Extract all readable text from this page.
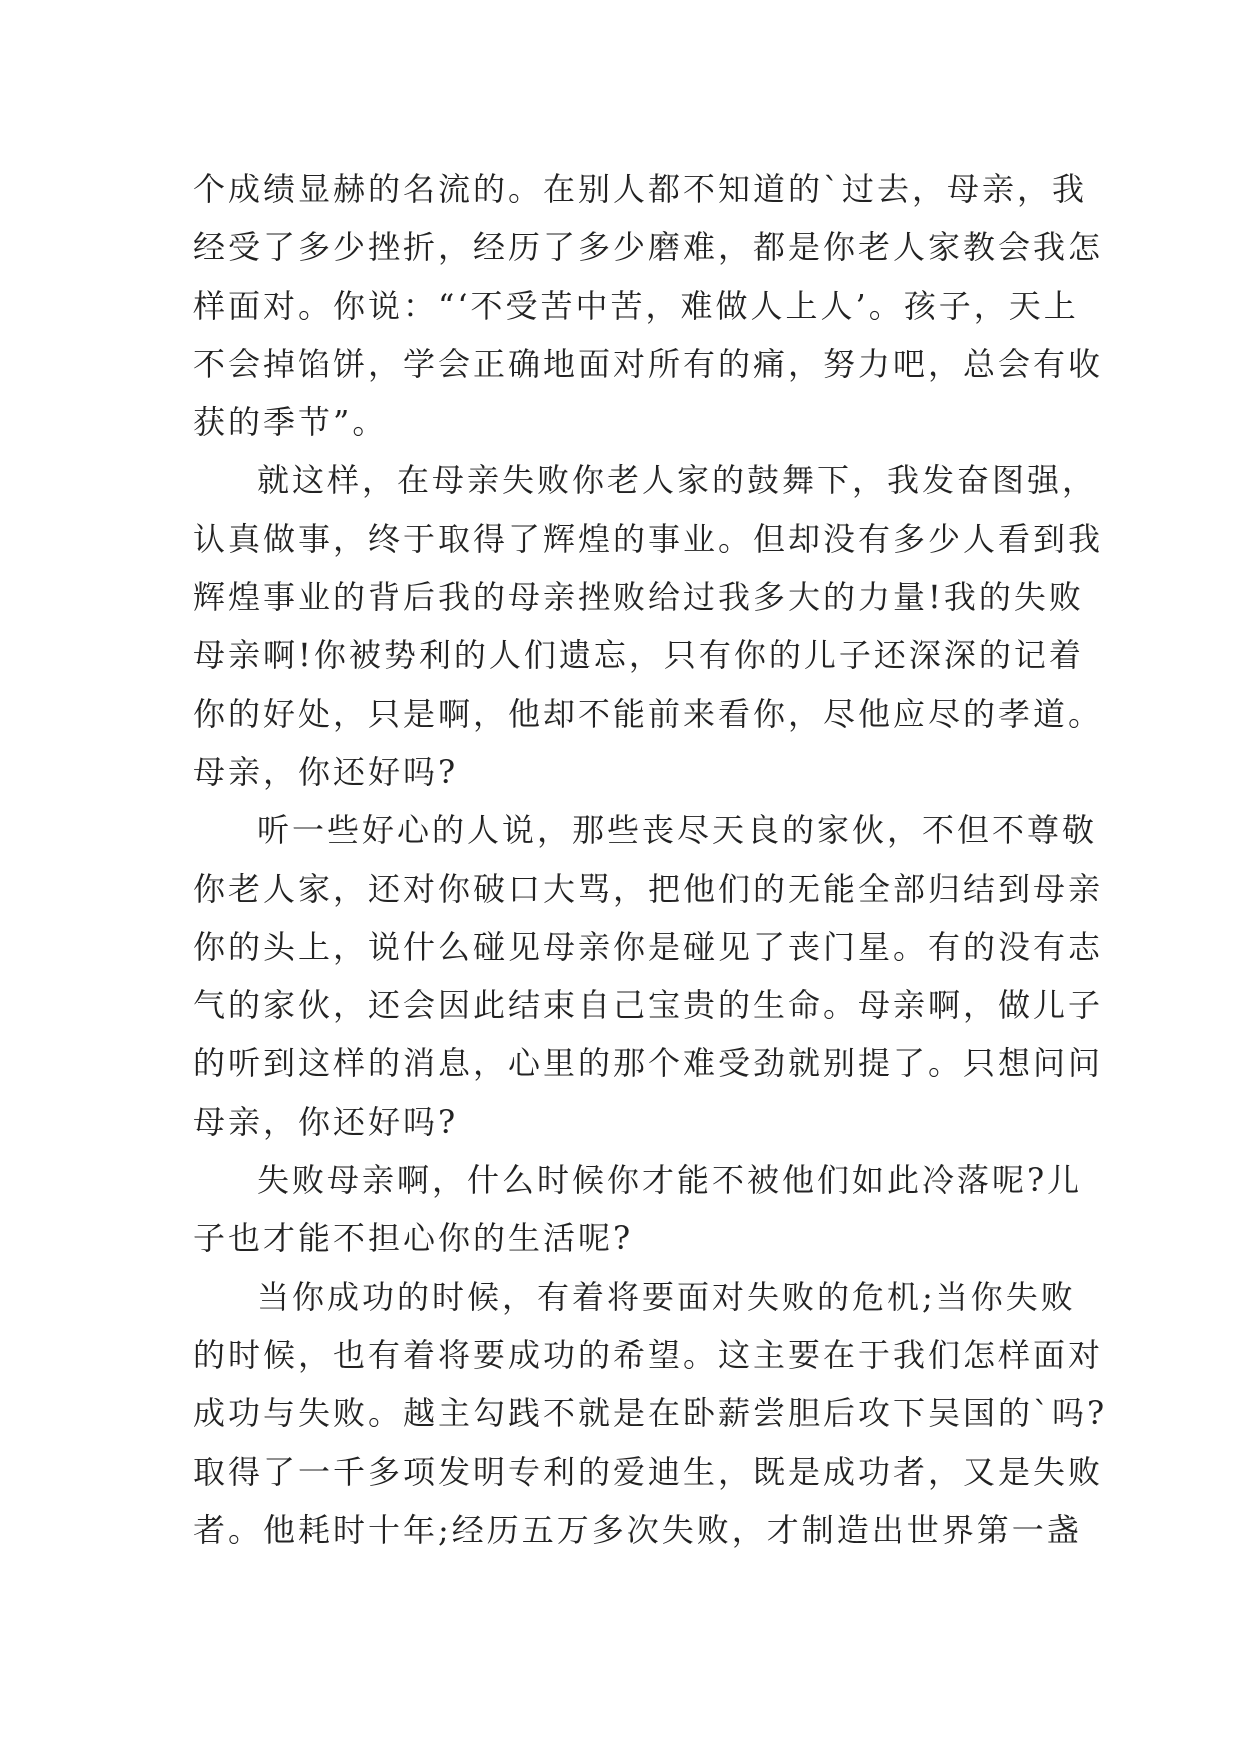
个成绩显赫的名流的。在别人都不知道的`过去，母亲，我
经受了多少挫折，经历了多少磨难，都是你老人家教会我怎
样面对。你说：“‘不受苦中苦，难做人上人’。孩子，天上
不会掉馅饼，学会正确地面对所有的痛，努力吧，总会有收
获的季节”。
就这样，在母亲失败你老人家的鼓舞下，我发奋图强，
认真做事，终于取得了辉煌的事业。但却没有多少人看到我
辉煌事业的背后我的母亲挫败给过我多大的力量!我的失败
母亲啊!你被势利的人们遗忘，只有你的儿子还深深的记着
你的好处，只是啊，他却不能前来看你，尽他应尽的孝道。
母亲，你还好吗?
听一些好心的人说，那些丧尽天良的家伙，不但不尊敬
你老人家，还对你破口大骂，把他们的无能全部归结到母亲
你的头上，说什么碰见母亲你是碰见了丧门星。有的没有志
气的家伙，还会因此结束自己宝贵的生命。母亲啊，做儿子
的听到这样的消息，心里的那个难受劲就别提了。只想问问
母亲，你还好吗?
失败母亲啊，什么时候你才能不被他们如此冷落呢?儿
子也才能不担心你的生活呢?
当你成功的时候，有着将要面对失败的危机;当你失败
的时候，也有着将要成功的希望。这主要在于我们怎样面对
成功与失败。越主勾践不就是在卧薪尝胆后攻下吴国的`吗?
取得了一千多项发明专利的爱迪生，既是成功者，又是失败
者。他耗时十年;经历五万多次失败，才制造出世界第一盏
